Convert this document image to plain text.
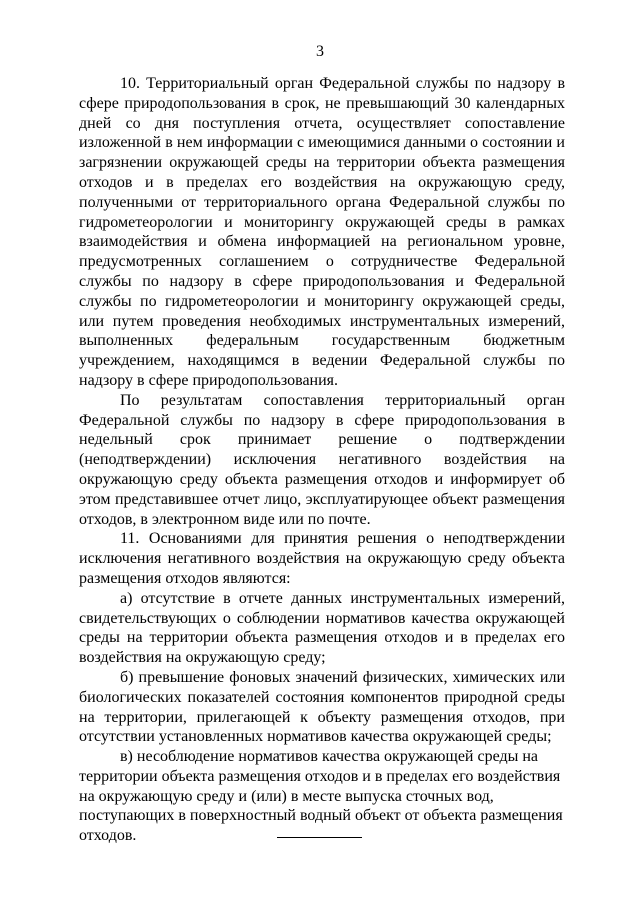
3

10. Территориальный орган Федеральной службы по надзору в сфере природопользования в срок, не превышающий 30 календарных дней со дня поступления отчета, осуществляет сопоставление изложенной в нем информации с имеющимися данными о состоянии и загрязнении окружающей среды на территории объекта размещения отходов и в пределах его воздействия на окружающую среду, полученными от территориального органа Федеральной службы по гидрометеорологии и мониторингу окружающей среды в рамках взаимодействия и обмена информацией на региональном уровне, предусмотренных соглашением о сотрудничестве Федеральной службы по надзору в сфере природопользования и Федеральной службы по гидрометеорологии и мониторингу окружающей среды, или путем проведения необходимых инструментальных измерений, выполненных федеральным государственным бюджетным учреждением, находящимся в ведении Федеральной службы по надзору в сфере природопользования.

По результатам сопоставления территориальный орган Федеральной службы по надзору в сфере природопользования в недельный срок принимает решение о подтверждении (неподтверждении) исключения негативного воздействия на окружающую среду объекта размещения отходов и информирует об этом представившее отчет лицо, эксплуатирующее объект размещения отходов, в электронном виде или по почте.

11. Основаниями для принятия решения о неподтверждении исключения негативного воздействия на окружающую среду объекта размещения отходов являются:

а) отсутствие в отчете данных инструментальных измерений, свидетельствующих о соблюдении нормативов качества окружающей среды на территории объекта размещения отходов и в пределах его воздействия на окружающую среду;

б) превышение фоновых значений физических, химических или биологических показателей состояния компонентов природной среды на территории, прилегающей к объекту размещения отходов, при отсутствии установленных нормативов качества окружающей среды;

в) несоблюдение нормативов качества окружающей среды на территории объекта размещения отходов и в пределах его воздействия на окружающую среду и (или) в месте выпуска сточных вод, поступающих в поверхностный водный объект от объекта размещения отходов.
